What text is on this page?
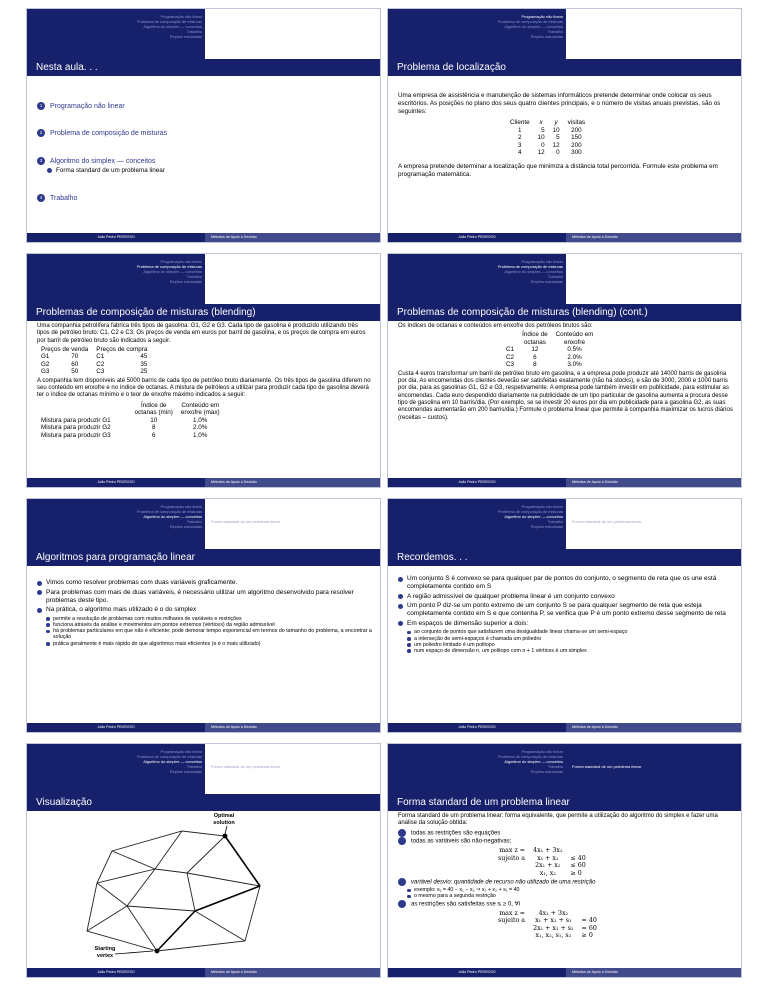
Programação não linear
Problema de composição de misturas
Algoritmo do simplex — conceitos
Trabalho
Reções estudadas
Nesta aula. . .
1 Programação não linear
2 Problema de composição de misturas
3 Algoritmo do simplex — conceitos
Forma standard de um problema linear
4 Trabalho
João Pedro PEDROSO	Métodos de Apoio à Decisão
Programação não linear
Problema de composição de misturas
Algoritmo do simplex — conceitos
Trabalho
Reções estudadas
Problema de localização

Uma empresa de assistência e manutenção de sistemas informáticos pretende determinar onde colocar os seus escritórios. As posições no plano dos seus quatro clientes principais, e o número de visitas anuais previstas, são os seguintes:

Cliente	x	y	visitas
1	5	10	200
2	10	5	150
3	0	12	200
4	12	0	300

A empresa pretende determinar a localização que minimiza a distância total percorrida. Formule este problema em programação matemática.

João Pedro PEDROSO	Métodos de Apoio à Decisão
Programação não linear
Problema de composição de misturas
Algoritmo do simplex — conceitos
Trabalho
Reções estudadas
Problemas de composição de misturas (blending)

Uma companhia petrolífera fabrica três tipos de gasolina: G1, G2 e G3. Cada tipo de gasolina é produzido utilizando três tipos de petróleo bruto: C1, C2 e C3. Os preços de venda em euros por barril de gasolina, e os preços de compra em euros por barril de petróleo bruto são indicados a seguir.

Preços de venda		Preços de compra	
G1	70	C1	45
G2	60	C2	35
G3	50	C3	25

A companhia tem disponíveis até 5000 barris de cada tipo de petróleo bruto diariamente. Os três tipos de gasolina diferem no seu conteúdo em enxofre e no índice de octanas. A mistura de petróleos a utilizar para produzir cada tipo de gasolina deverá ter o índice de octanas mínimo e o teor de enxofre máximo indicados a seguir:

	Índice de	Conteúdo em
	octanas (min)	enxofre (max)
Mistura para produzir G1	10	1.0%
Mistura para produzir G2	8	2.0%
Mistura para produzir G3	6	1.0%
João Pedro PEDROSO	Métodos de Apoio à Decisão
Programação não linear
Problema de composição de misturas
Algoritmo do simplex — conceitos
Trabalho
Reções estudadas
Problemas de composição de misturas (blending) (cont.)

Os índices de octanas e conteúdos em enxofre dos petróleos brutos são:

	Índice de	Conteúdo em
	octanas	enxofre
C1	12	0.5%
C2	6	2.0%
C3	8	3.0%

Custa 4 euros transformar um barril de petróleo bruto em gasolina, e a empresa pode produzir até 14000 barris de gasolina por dia. As encomendas dos clientes deverão ser satisfeitas exatamente (não há stocks), e são de 3000, 2000 e 1000 barris por dia, para as gasolinas G1, G2 e G3, respetivamente. A empresa pode também investir em publicidade, para estimular as encomendas. Cada euro despendido diariamente na publicidade de um tipo particular de gasolina aumenta a procura desse tipo de gasolina em 10 barris/dia. (Por exemplo, se se investir 20 euros por dia em publicidade para a gasolina G2, as suas encomendas aumentarão em 200 barris/dia.) Formule o problema linear que permite à companhia maximizar os lucros diários (receitas – custos).

João Pedro PEDROSO	Métodos de Apoio à Decisão
Programação não linear
Problema de composição de misturas
Algoritmo do simplex — conceitos
Trabalho
Reções estudadas
Forma standard de um problema linear
Algoritmos para programação linear
Vimos como resolver problemas com duas variáveis graficamente.
Para problemas com mais de duas variáveis, é necessário utilizar um algoritmo desenvolvido para resolver problemas deste tipo.
Na prática, o algoritmo mais utilizado é o do simplex
permite a resolução de problemas com muitos milhares de variáveis e restrições
funciona através da análise e movimentos em pontos extremos (vértices) da região admissível
há problemas particulares em que não é eficiente: pode demorar tempo exponencial em termos do tamanho do problema, a encontrar a solução
prática geralmente é mais rápido do que algoritmos mais eficientes (e é o mais utilizado)
João Pedro PEDROSO	Métodos de Apoio à Decisão
Programação não linear
Problema de composição de misturas
Algoritmo do simplex — conceitos
Trabalho
Reções estudadas
Forma standard de um problema linear
Recordemos. . .
Um conjunto S é convexo se para qualquer par de pontos do conjunto, o segmento de reta que os une está completamente contido em S
A região admissível de qualquer problema linear é um conjunto convexo
Um ponto P diz-se um ponto extremo de um conjunto S se para qualquer segmento de reta que esteja completamente contido em S e que contenha P, se verifica que P é um ponto extremo desse segmento de reta
Em espaços de dimensão superior a dois:
ao conjunto de pontos que satisfazem uma desigualdade linear chama-se um semi-espaço
a interseção de semi-espaços é chamada um poliedro
um poliedro limitado é um politopo
num espaço de dimensão n, um politopo com n + 1 vértices é um simplex
João Pedro PEDROSO	Métodos de Apoio à Decisão
Programação não linear
Problema de composição de misturas
Algoritmo do simplex — conceitos
Trabalho
Reções estudadas
Forma standard de um problema linear
Visualização
Optimal
solution
Starting
vertex
João Pedro PEDROSO	Métodos de Apoio à Decisão
Programação não linear
Problema de composição de misturas
Algoritmo do simplex — conceitos
Trabalho
Reções estudadas
Forma standard de um problema linear
Forma standard de um problema linear

Forma standard de um problema linear: forma equivalente, que permite a utilização do algoritmo do simplex e fazer uma análise da solução obtida:

todas as restrições são equações
todas as variáveis são não-negativas:
max z =	4x₁ + 3x₂	
sujeito a	x₁ + x₂	≤ 40
	2x₁ + x₂	≤ 60
	x₁, x₂	≥ 0
variável desvio: quantidade de recurso não utilizado de uma restrição
exemplo: s₁ = 40 − x₁ − x₂ ⇒ x₁ + x₂ + s₁ = 40
o mesmo para a segunda restrição
as restrições são satisfeitas sse sᵢ ≥ 0, ∀i
max z =	4x₁ + 3x₂	
sujeito a	x₁ + x₂ + s₁	= 40
	2x₁ + x₂ + s₂	= 60
	x₁, x₂, s₁, s₂	≥ 0
João Pedro PEDROSO	Métodos de Apoio à Decisão
